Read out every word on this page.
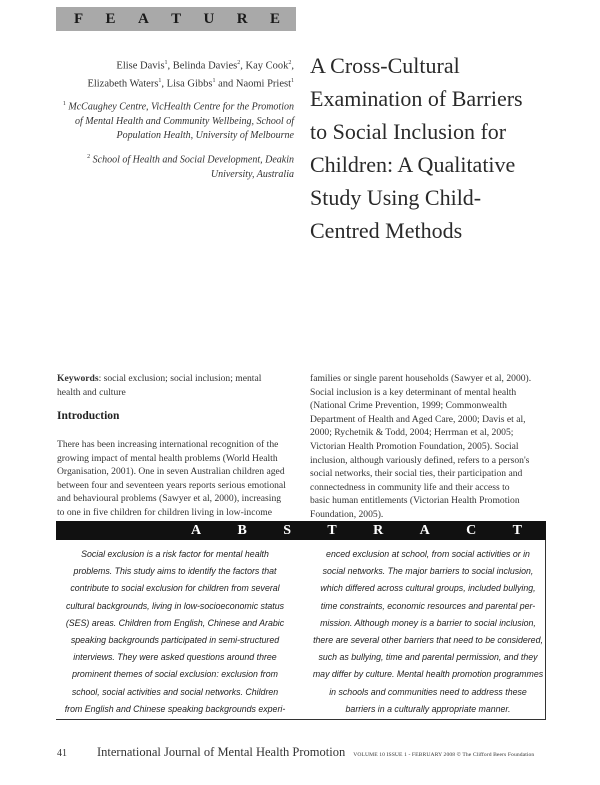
F E A T U R E
Elise Davis$^1$, Belinda Davies$^2$, Kay Cook$^2$,
Elizabeth Waters$^1$, Lisa Gibbs$^1$ and Naomi Priest$^1$
$^1$ McCaughey Centre, VicHealth Centre for the Promotion
of Mental Health and Community Wellbeing, School of
Population Health, University of Melbourne
$^2$ School of Health and Social Development, Deakin
University, Australia
A Cross-Cultural
Examination of Barriers
to Social Inclusion for
Children: A Qualitative
Study Using Child-
Centred Methods
Keywords: social exclusion; social inclusion; mental
health and culture
Introduction
There has been increasing international recognition of the
growing impact of mental health problems (World Health
Organisation, 2001). One in seven Australian children aged
between four and seventeen years reports serious emotional
and behavioural problems (Sawyer et al, 2000), increasing
to one in five children for children living in low-income
families or single parent households (Sawyer et al, 2000).
Social inclusion is a key determinant of mental health
(National Crime Prevention, 1999; Commonwealth
Department of Health and Aged Care, 2000; Davis et al,
2000; Rychetnik & Todd, 2004; Herrman et al, 2005;
Victorian Health Promotion Foundation, 2005). Social
inclusion, although variously defined, refers to a person's
social networks, their social ties, their participation and
connectedness in community life and their access to
basic human entitlements (Victorian Health Promotion
Foundation, 2005).
A	B	S	T	R	A	C	T
Social exclusion is a risk factor for mental health
problems. This study aims to identify the factors that
contribute to social exclusion for children from several
cultural backgrounds, living in low-socioeconomic status
(SES) areas. Children from English, Chinese and Arabic
speaking backgrounds participated in semi-structured
interviews. They were asked questions around three
prominent themes of social exclusion: exclusion from
school, social activities and social networks. Children
from English and Chinese speaking backgrounds experi-
enced exclusion at school, from social activities or in
social networks. The major barriers to social inclusion,
which differed across cultural groups, included bullying,
time constraints, economic resources and parental per-
mission. Although money is a barrier to social inclusion,
there are several other barriers that need to be considered,
such as bullying, time and parental permission, and they
may differ by culture. Mental health promotion programmes
in schools and communities need to address these
barriers in a culturally appropriate manner.
41	International Journal of Mental Health Promotion VOLUME 10 ISSUE 1 - FEBRUARY 2008 © The Clifford Beers Foundation
